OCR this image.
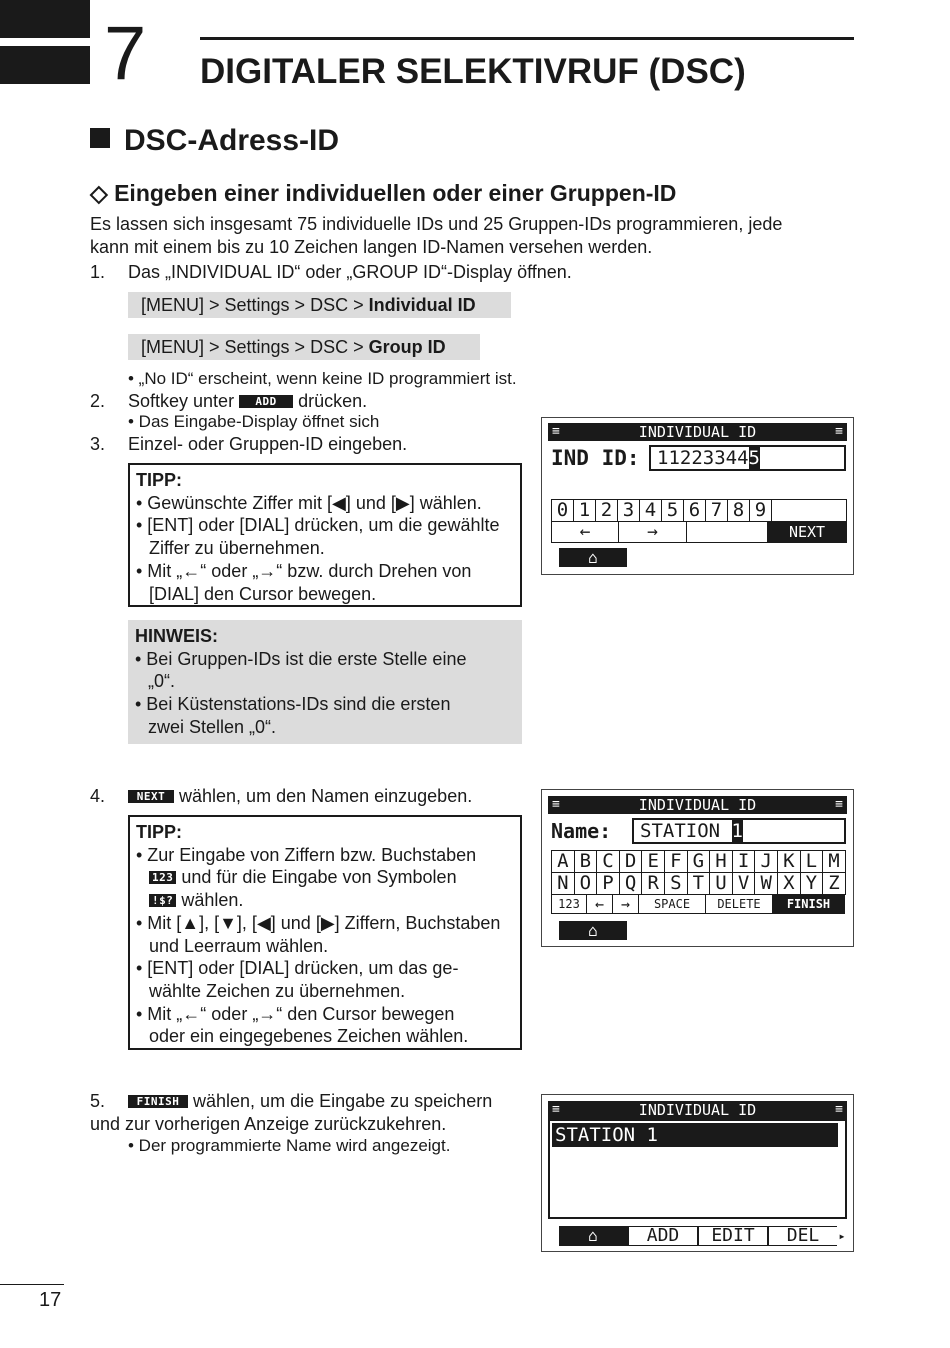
7 DIGITALER SELEKTIVRUF (DSC)
DSC-Adress-ID
◇ Eingeben einer individuellen oder einer Gruppen-ID
Es lassen sich insgesamt 75 individuelle IDs und 25 Gruppen-IDs programmieren, jede
kann mit einem bis zu 10 Zeichen langen ID-Namen versehen werden.
1.	Das „INDIVIDUAL ID“ oder „GROUP ID“-Display öffnen.
[MENU] > Settings > DSC > Individual ID
[MENU] > Settings > DSC > Group ID
• „No ID“ erscheint, wenn keine ID programmiert ist.
2.	Softkey unter ADD drücken.
• Das Eingabe-Display öffnet sich
3.	Einzel- oder Gruppen-ID eingeben.
TIPP:
• Gewünschte Ziffer mit [◀] und [▶] wählen.
• [ENT] oder [DIAL] drücken, um die gewählte
Ziffer zu übernehmen.
• Mit „←“ oder „→“ bzw. durch Drehen von
[DIAL] den Cursor bewegen.
HINWEIS:
• Bei Gruppen-IDs ist die erste Stelle eine
„0“.
• Bei Küstenstations-IDs sind die ersten
zwei Stellen „0“.
≡	INDIVIDUAL ID	≡
IND ID: 112233445
0 1 2 3 4 5 6 7 8 9
←	→	NEXT
⌂
4.	NEXT wählen, um den Namen einzugeben.
TIPP:
• Zur Eingabe von Ziffern bzw. Buchstaben
123 und für die Eingabe von Symbolen
!$? wählen.
• Mit [▲], [▼], [◀] und [▶] Ziffern, Buchstaben
und Leerraum wählen.
• [ENT] oder [DIAL] drücken, um das ge-
wählte Zeichen zu übernehmen.
• Mit „←“ oder „→“ den Cursor bewegen
oder ein eingegebenes Zeichen wählen.
≡	INDIVIDUAL ID	≡
Name:	STATION 1
A B C D E F G H I J K L M
N O P Q R S T U V W X Y Z
123	←	→	SPACE	DELETE	FINISH
⌂
5.	FINISH wählen, um die Eingabe zu speichern
und zur vorherigen Anzeige zurückzukehren.
• Der programmierte Name wird angezeigt.
≡	INDIVIDUAL ID	≡
STATION 1
⌂	ADD	EDIT	DEL	▸
17
